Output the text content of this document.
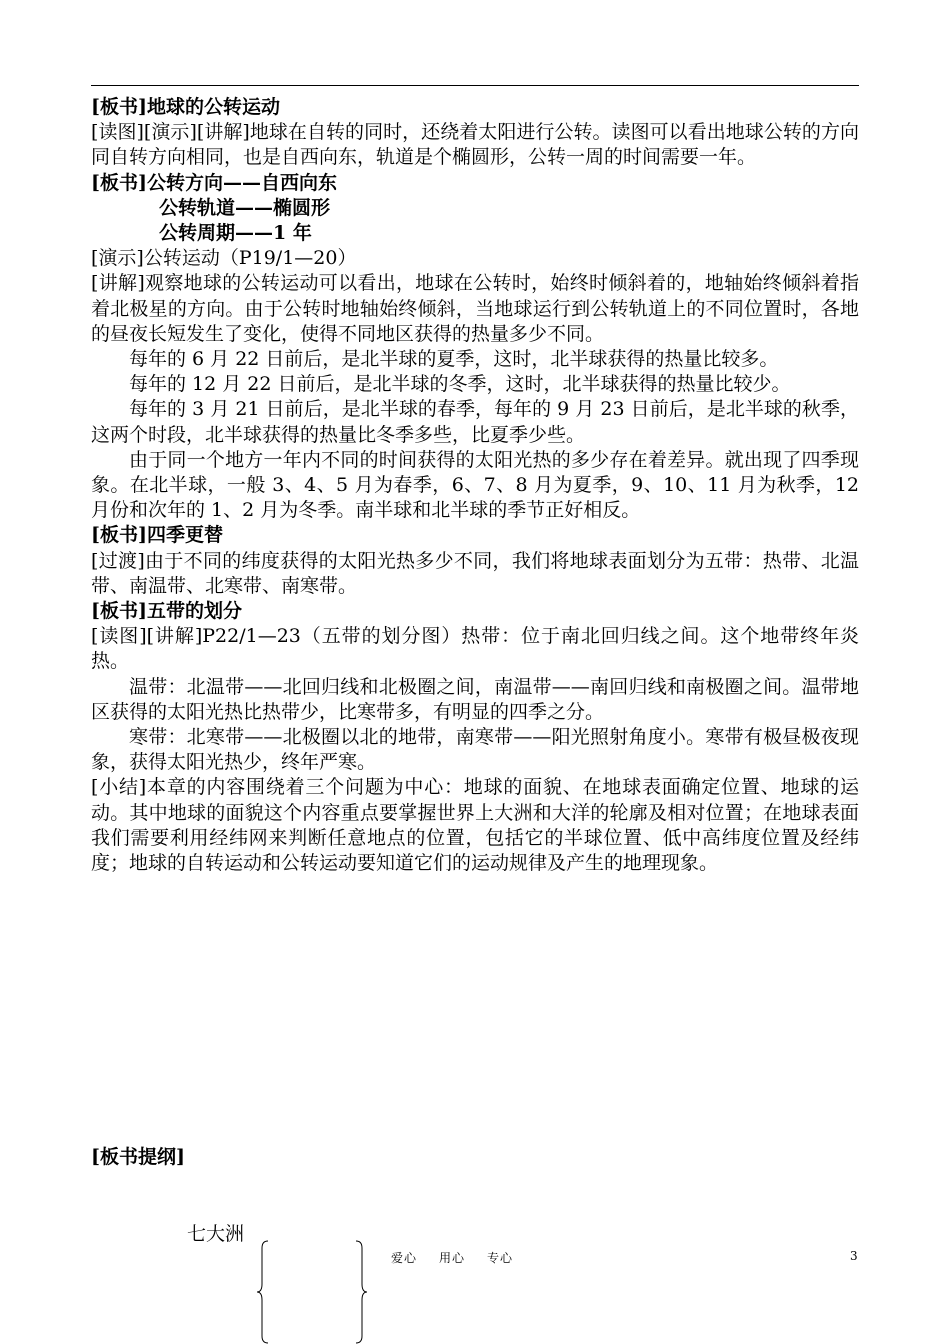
[板书]地球的公转运动

[读图][演示][讲解]地球在自转的同时，还绕着太阳进行公转。读图可以看出地球公转的方向同自转方向相同，也是自西向东，轨道是个椭圆形，公转一周的时间需要一年。

[板书]公转方向——自西向东

公转轨道——椭圆形

公转周期——1 年

[演示]公转运动（P19/1—20）

[讲解]观察地球的公转运动可以看出，地球在公转时，始终时倾斜着的，地轴始终倾斜着指着北极星的方向。由于公转时地轴始终倾斜，当地球运行到公转轨道上的不同位置时，各地的昼夜长短发生了变化，使得不同地区获得的热量多少不同。

每年的 6 月 22 日前后，是北半球的夏季，这时，北半球获得的热量比较多。

每年的 12 月 22 日前后，是北半球的冬季，这时，北半球获得的热量比较少。

每年的 3 月 21 日前后，是北半球的春季，每年的 9 月 23 日前后，是北半球的秋季，这两个时段，北半球获得的热量比冬季多些，比夏季少些。

由于同一个地方一年内不同的时间获得的太阳光热的多少存在着差异。就出现了四季现象。在北半球，一般 3、4、5 月为春季，6、7、8 月为夏季，9、10、11 月为秋季，12 月份和次年的 1、2 月为冬季。南半球和北半球的季节正好相反。

[板书]四季更替

[过渡]由于不同的纬度获得的太阳光热多少不同，我们将地球表面划分为五带：热带、北温带、南温带、北寒带、南寒带。

[板书]五带的划分

[读图][讲解]P22/1—23（五带的划分图）热带：位于南北回归线之间。这个地带终年炎热。

温带：北温带——北回归线和北极圈之间，南温带——南回归线和南极圈之间。温带地区获得的太阳光热比热带少，比寒带多，有明显的四季之分。

寒带：北寒带——北极圈以北的地带，南寒带——阳光照射角度小。寒带有极昼极夜现象，获得太阳光热少，终年严寒。

[小结]本章的内容围绕着三个问题为中心：地球的面貌、在地球表面确定位置、地球的运动。其中地球的面貌这个内容重点要掌握世界上大洲和大洋的轮廓及相对位置；在地球表面我们需要利用经纬网来判断任意地点的位置，包括它的半球位置、低中高纬度位置及经纬度；地球的自转运动和公转运动要知道它们的运动规律及产生的地理现象。

[板书提纲]
七大洲
爱心 用心 专心	3
